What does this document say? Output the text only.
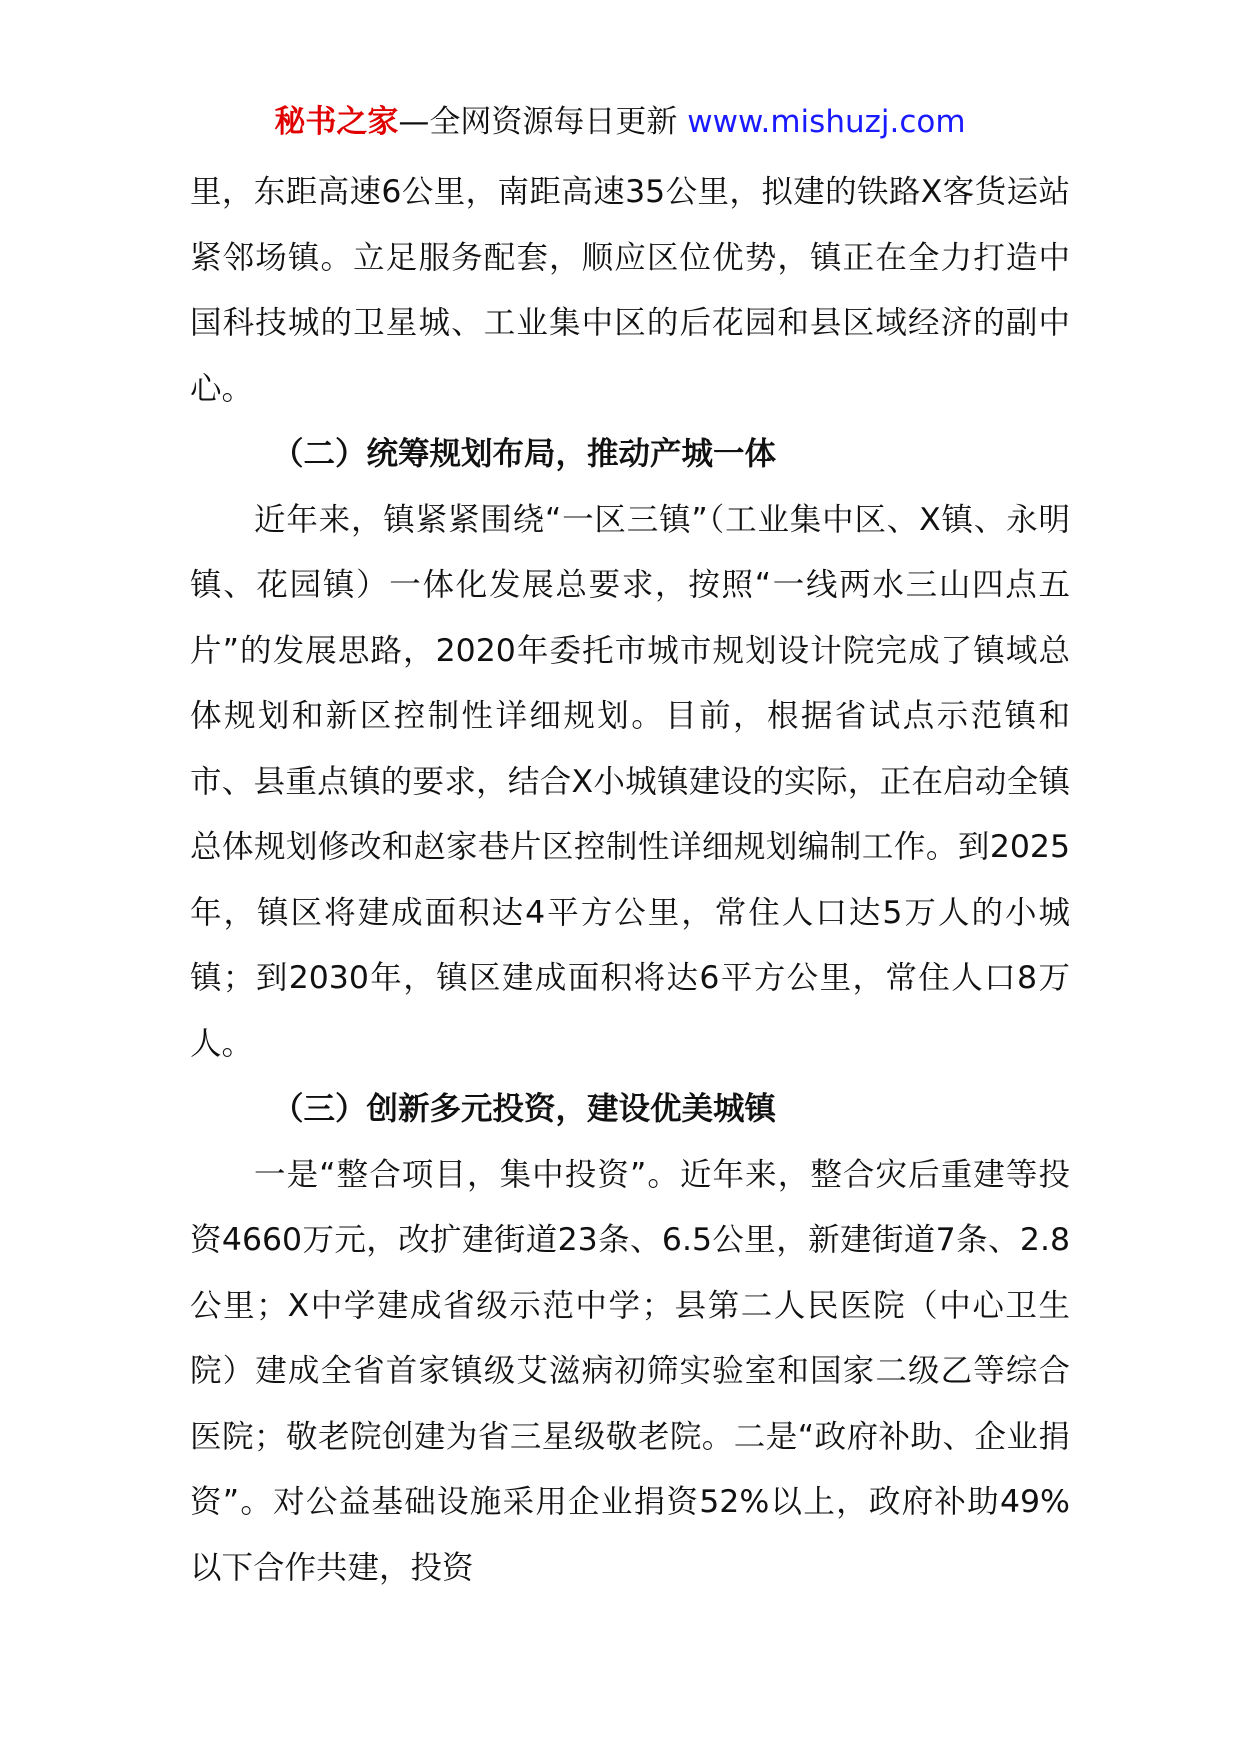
秘书之家—全网资源每日更新 www.mishuzj.com

里，东距高速6公里，南距高速35公里，拟建的铁路X客货运站紧邻场镇。立足服务配套，顺应区位优势，镇正在全力打造中国科技城的卫星城、工业集中区的后花园和县区域经济的副中心。

（二）统筹规划布局，推动产城一体

近年来，镇紧紧围绕“一区三镇”（工业集中区、X镇、永明镇、花园镇）一体化发展总要求，按照“一线两水三山四点五片”的发展思路，2020年委托市城市规划设计院完成了镇域总体规划和新区控制性详细规划。目前，根据省试点示范镇和市、县重点镇的要求，结合X小城镇建设的实际，正在启动全镇总体规划修改和赵家巷片区控制性详细规划编制工作。到2025年，镇区将建成面积达4平方公里，常住人口达5万人的小城镇；到2030年，镇区建成面积将达6平方公里，常住人口8万人。

（三）创新多元投资，建设优美城镇

一是“整合项目，集中投资”。近年来，整合灾后重建等投资4660万元，改扩建街道23条、6.5公里，新建街道7条、2.8公里；X中学建成省级示范中学；县第二人民医院（中心卫生院）建成全省首家镇级艾滋病初筛实验室和国家二级乙等综合医院；敬老院创建为省三星级敬老院。二是“政府补助、企业捐资”。对公益基础设施采用企业捐资52%以上，政府补助49%以下合作共建，投资
